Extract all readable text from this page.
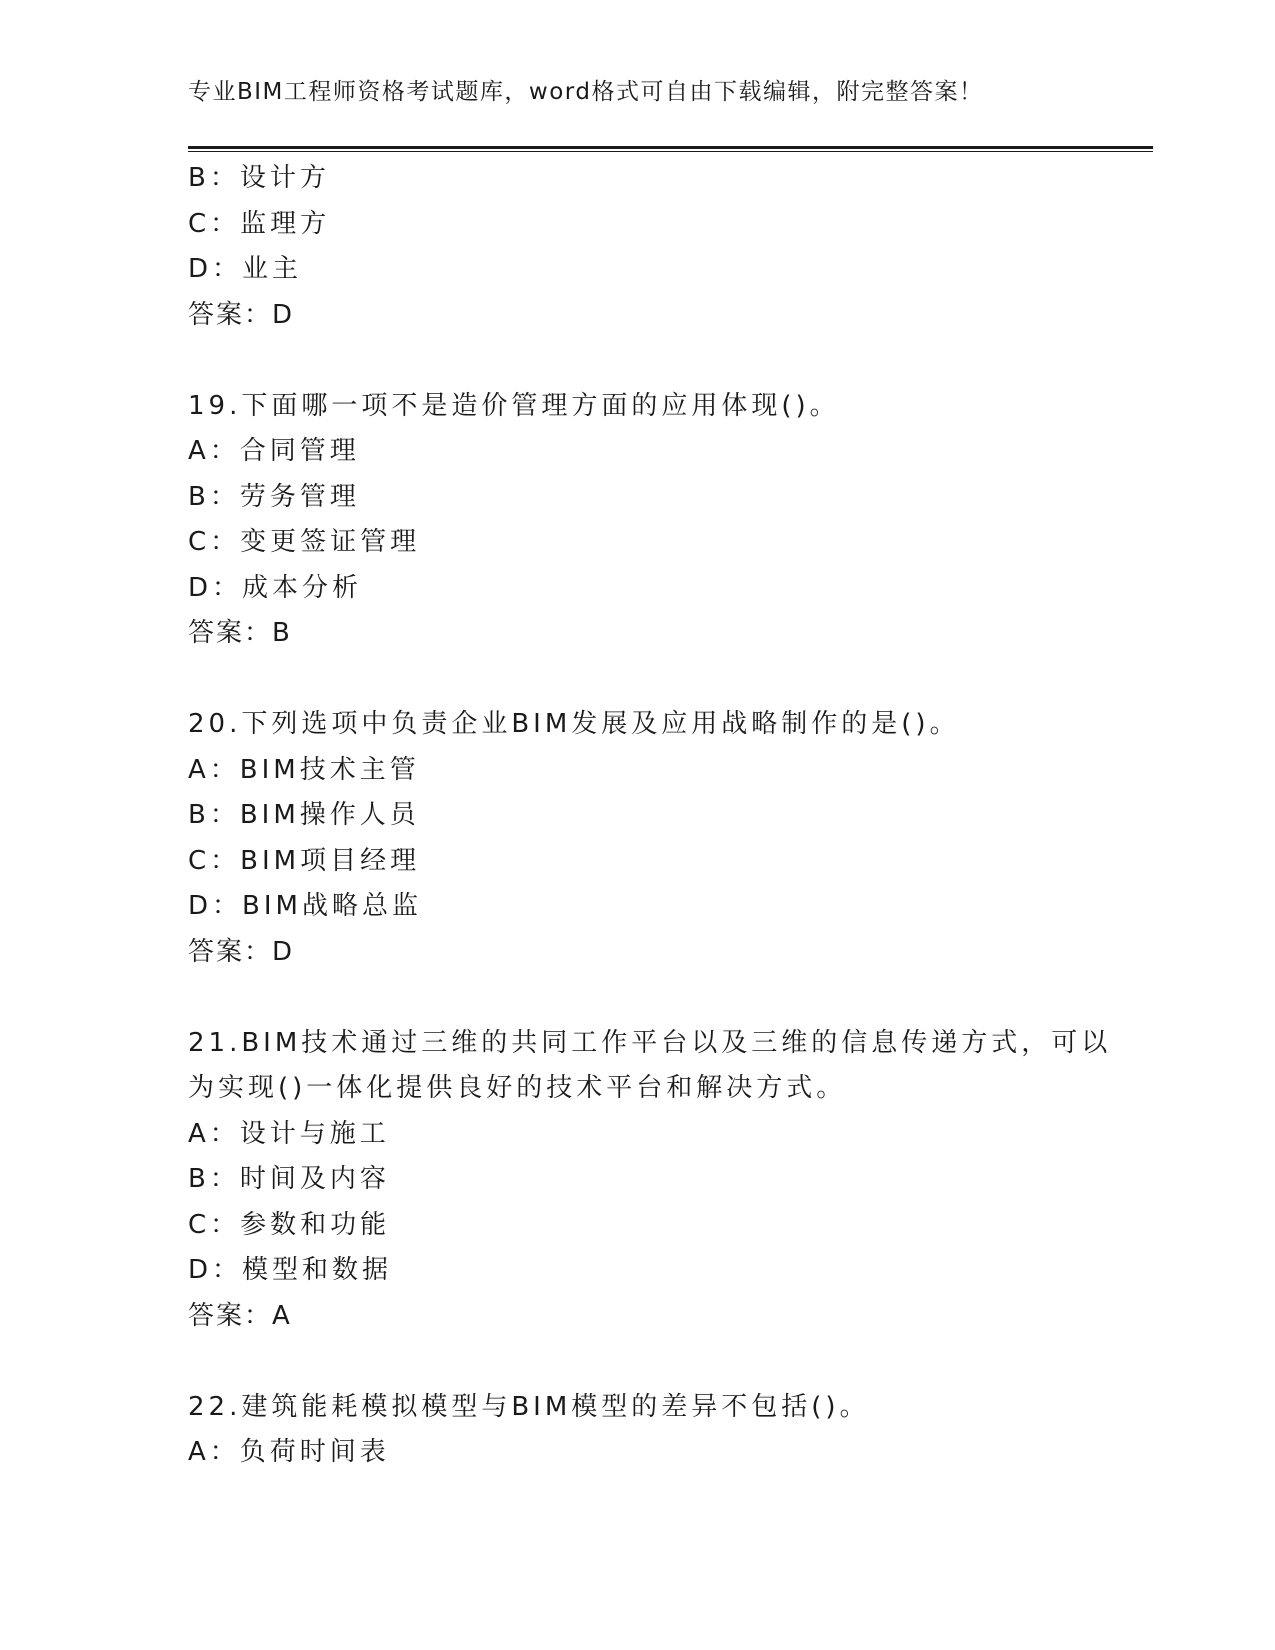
专业BIM工程师资格考试题库，word格式可自由下载编辑，附完整答案！
B：设计方
C：监理方
D：业主
答案：D
19.下面哪一项不是造价管理方面的应用体现()。
A：合同管理
B：劳务管理
C：变更签证管理
D：成本分析
答案：B
20.下列选项中负责企业BIM发展及应用战略制作的是()。
A：BIM技术主管
B：BIM操作人员
C：BIM项目经理
D：BIM战略总监
答案：D
21.BIM技术通过三维的共同工作平台以及三维的信息传递方式，可以
为实现()一体化提供良好的技术平台和解决方式。
A：设计与施工
B：时间及内容
C：参数和功能
D：模型和数据
答案：A
22.建筑能耗模拟模型与BIM模型的差异不包括()。
A：负荷时间表
